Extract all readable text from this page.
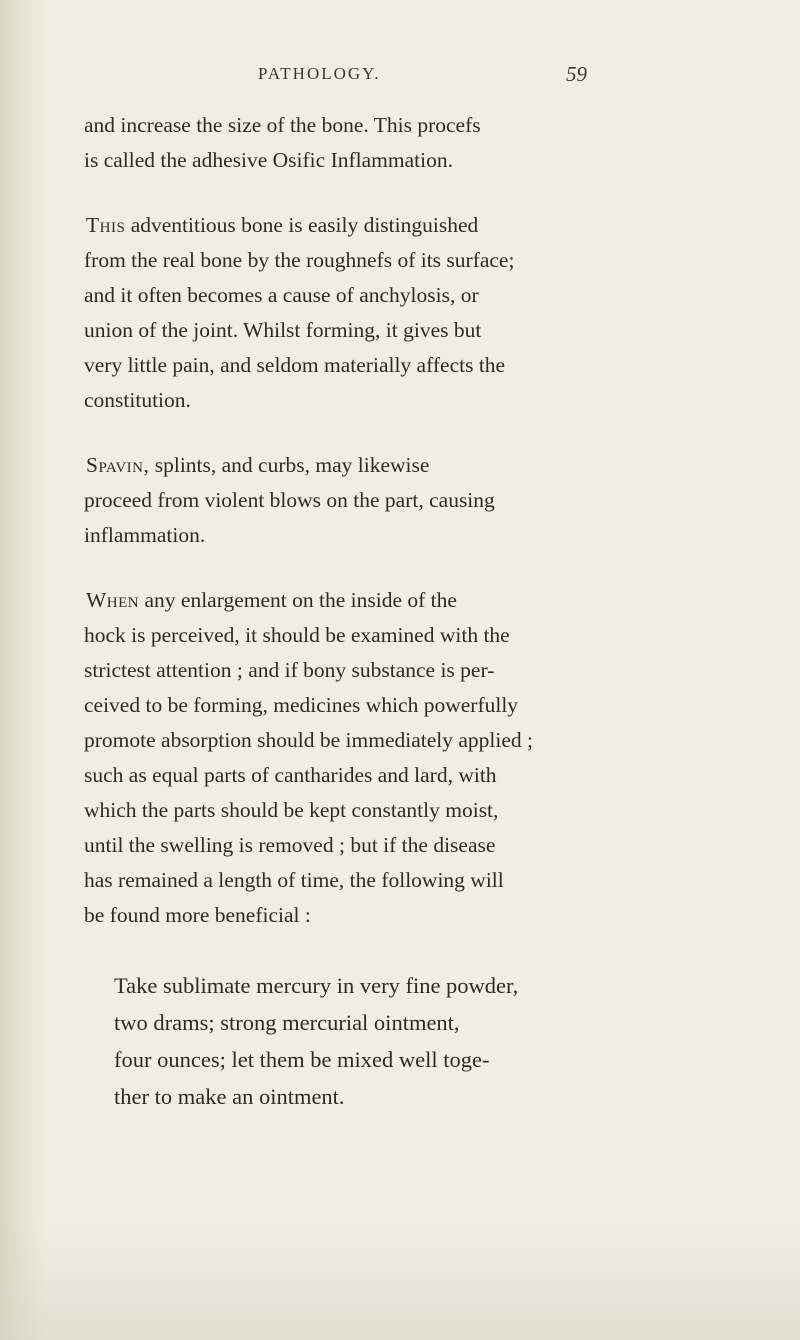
PATHOLOGY.	59

and increase the size of the bone. This procefs
is called the adhesive Osific Inflammation.

This adventitious bone is easily distinguished
from the real bone by the roughnefs of its surface;
and it often becomes a cause of anchylosis, or
union of the joint. Whilst forming, it gives but
very little pain, and seldom materially affects the
constitution.

Spavin, splints, and curbs, may likewise
proceed from violent blows on the part, causing
inflammation.

When any enlargement on the inside of the
hock is perceived, it should be examined with the
strictest attention ; and if bony substance is per-
ceived to be forming, medicines which powerfully
promote absorption should be immediately applied ;
such as equal parts of cantharides and lard, with
which the parts should be kept constantly moist,
until the swelling is removed ; but if the disease
has remained a length of time, the following will
be found more beneficial :

Take sublimate mercury in very fine powder,
two drams; strong mercurial ointment,
four ounces; let them be mixed well toge-
ther to make an ointment.
